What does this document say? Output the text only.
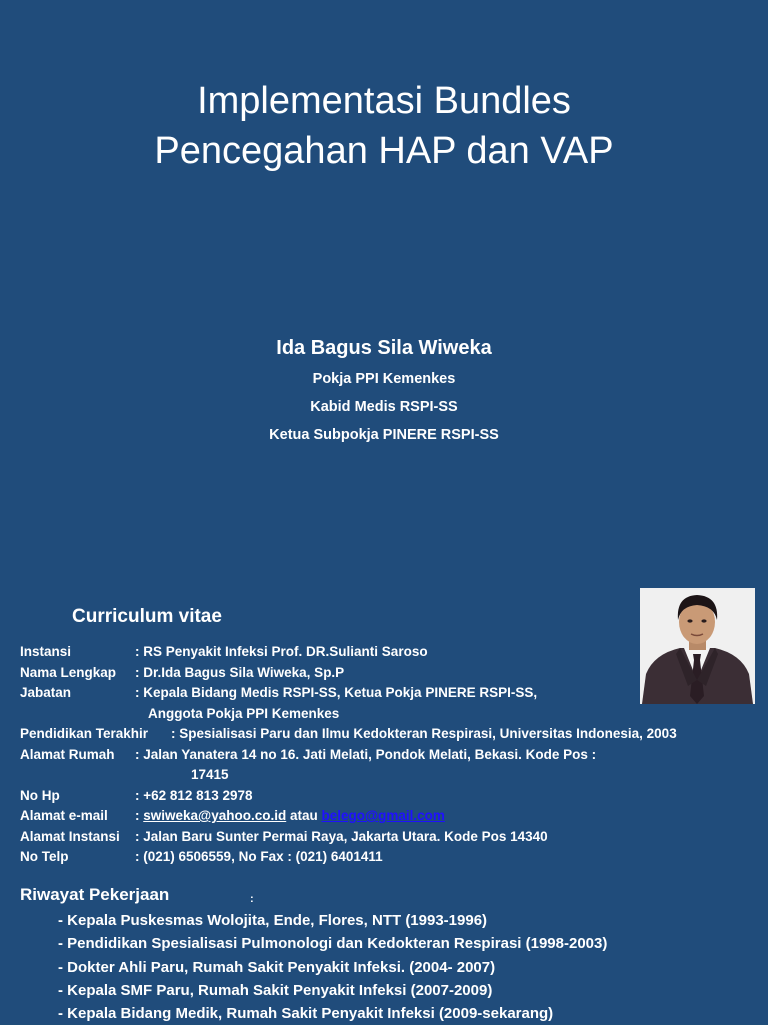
Implementasi Bundles
Pencegahan HAP dan VAP
Ida Bagus Sila Wiweka
Pokja PPI Kemenkes
Kabid Medis RSPI-SS
Ketua Subpokja PINERE RSPI-SS
Curriculum vitae
Instansi	: RS Penyakit Infeksi Prof. DR.Sulianti Saroso
Nama Lengkap : Dr.Ida Bagus Sila Wiweka, Sp.P
Jabatan	: Kepala Bidang Medis RSPI-SS, Ketua Pokja PINERE RSPI-SS,

Anggota Pokja PPI Kemenkes
Pendidikan Terakhir : Spesialisasi Paru dan Ilmu Kedokteran Respirasi, Universitas Indonesia, 2003
Alamat Rumah : Jalan Yanatera 14 no 16. Jati Melati, Pondok Melati, Bekasi. Kode Pos :

17415
No Hp	: +62 812 813 2978
Alamat e-mail : swiweka@yahoo.co.id atau belego@gmail.com
Alamat Instansi : Jalan Baru Sunter Permai Raya, Jakarta Utara. Kode Pos 14340
No Telp	: (021) 6506559, No Fax : (021) 6401411
Riwayat Pekerjaan	:
- Kepala Puskesmas Wolojita, Ende, Flores, NTT (1993-1996)
- Pendidikan Spesialisasi Pulmonologi dan Kedokteran Respirasi (1998-2003)
- Dokter Ahli Paru, Rumah Sakit Penyakit Infeksi. (2004- 2007)
- Kepala SMF Paru, Rumah Sakit Penyakit Infeksi (2007-2009)
- Kepala Bidang Medik, Rumah Sakit Penyakit Infeksi (2009-sekarang)
